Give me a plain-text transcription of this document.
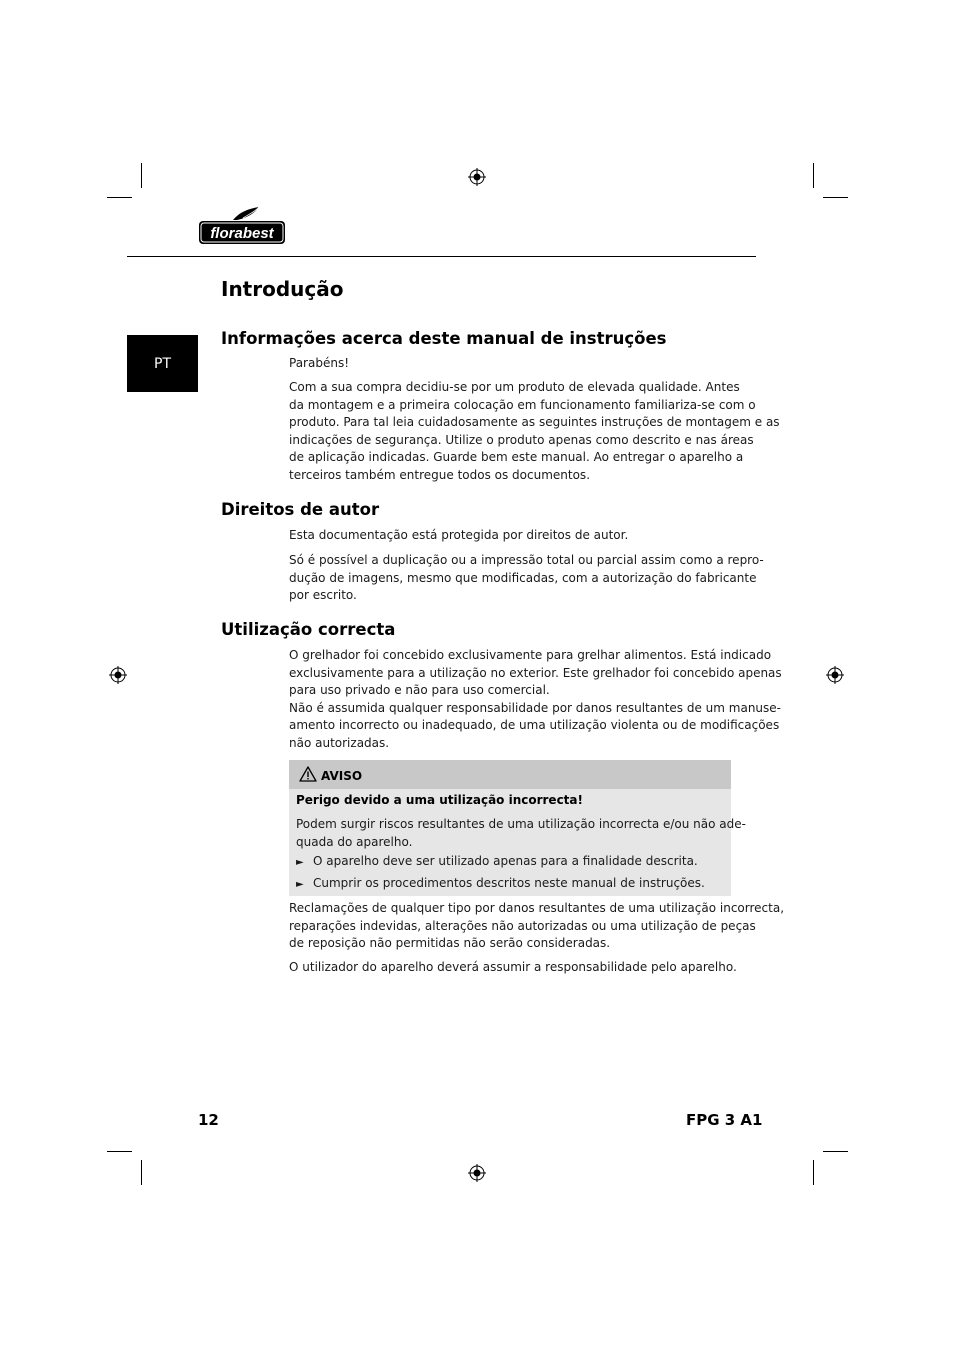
florabest
PT
Introdução
Informações acerca deste manual de instruções
Parabéns!
Com a sua compra decidiu-se por um produto de elevada qualidade. Antes
da montagem e a primeira colocação em funcionamento familiariza-se com o
produto. Para tal leia cuidadosamente as seguintes instruções de montagem e as
indicações de segurança. Utilize o produto apenas como descrito e nas áreas
de aplicação indicadas. Guarde bem este manual. Ao entregar o aparelho a
terceiros também entregue todos os documentos.
Direitos de autor
Esta documentação está protegida por direitos de autor.
Só é possível a duplicação ou a impressão total ou parcial assim como a repro-
dução de imagens, mesmo que modificadas, com a autorização do fabricante
por escrito.
Utilização correcta
O grelhador foi concebido exclusivamente para grelhar alimentos. Está indicado
exclusivamente para a utilização no exterior. Este grelhador foi concebido apenas
para uso privado e não para uso comercial.
Não é assumida qualquer responsabilidade por danos resultantes de um manuse-
amento incorrecto ou inadequado, de uma utilização violenta ou de modificações
não autorizadas.
AVISO
Perigo devido a uma utilização incorrecta!
Podem surgir riscos resultantes de uma utilização incorrecta e/ou não ade-
quada do aparelho.
► O aparelho deve ser utilizado apenas para a finalidade descrita.
► Cumprir os procedimentos descritos neste manual de instruções.
Reclamações de qualquer tipo por danos resultantes de uma utilização incorrecta,
reparações indevidas, alterações não autorizadas ou uma utilização de peças
de reposição não permitidas não serão consideradas.
O utilizador do aparelho deverá assumir a responsabilidade pelo aparelho.
12	FPG 3 A1
